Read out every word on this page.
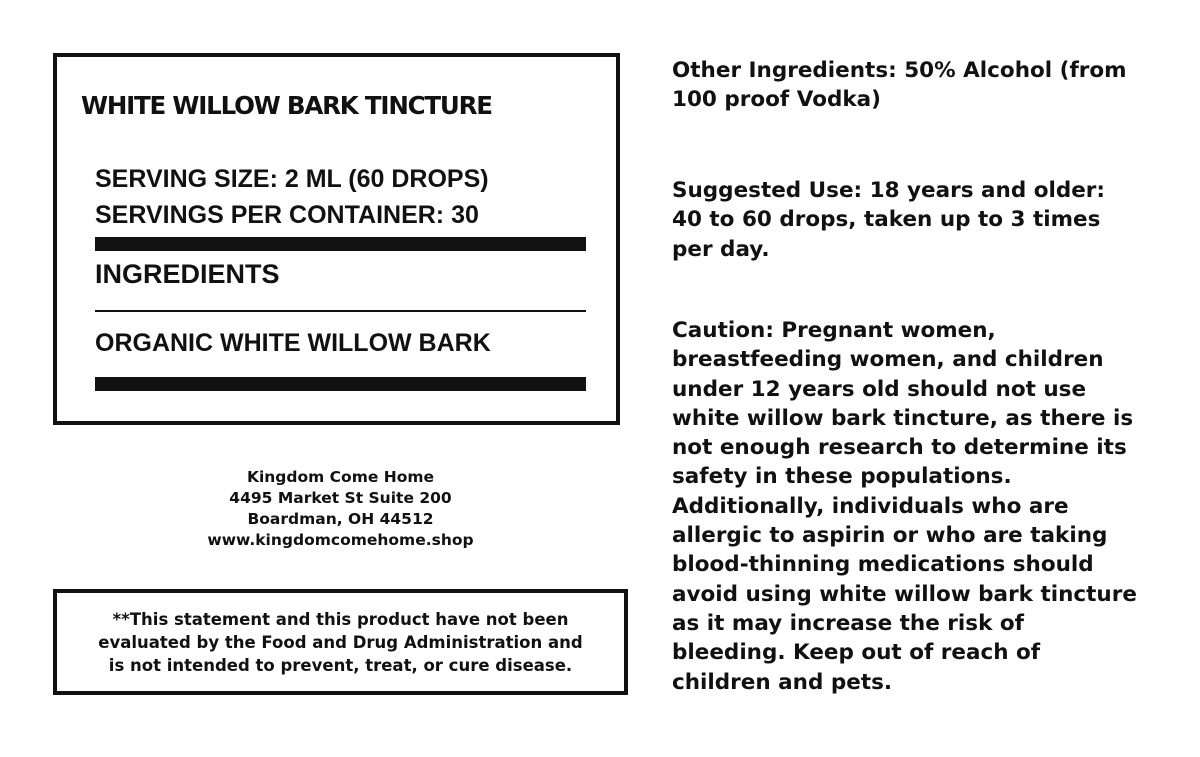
WHITE WILLOW BARK TINCTURE
SERVING SIZE: 2 ML (60 DROPS)
SERVINGS PER CONTAINER: 30
INGREDIENTS
ORGANIC WHITE WILLOW BARK
Kingdom Come Home
4495 Market St Suite 200
Boardman, OH 44512
www.kingdomcomehome.shop
**This statement and this product have not been
evaluated by the Food and Drug Administration and
is not intended to prevent, treat, or cure disease.
Other Ingredients: 50% Alcohol (from
100 proof Vodka)
Suggested Use: 18 years and older:
40 to 60 drops, taken up to 3 times
per day.
Caution: Pregnant women,
breastfeeding women, and children
under 12 years old should not use
white willow bark tincture, as there is
not enough research to determine its
safety in these populations.
Additionally, individuals who are
allergic to aspirin or who are taking
blood-thinning medications should
avoid using white willow bark tincture
as it may increase the risk of
bleeding. Keep out of reach of
children and pets.
